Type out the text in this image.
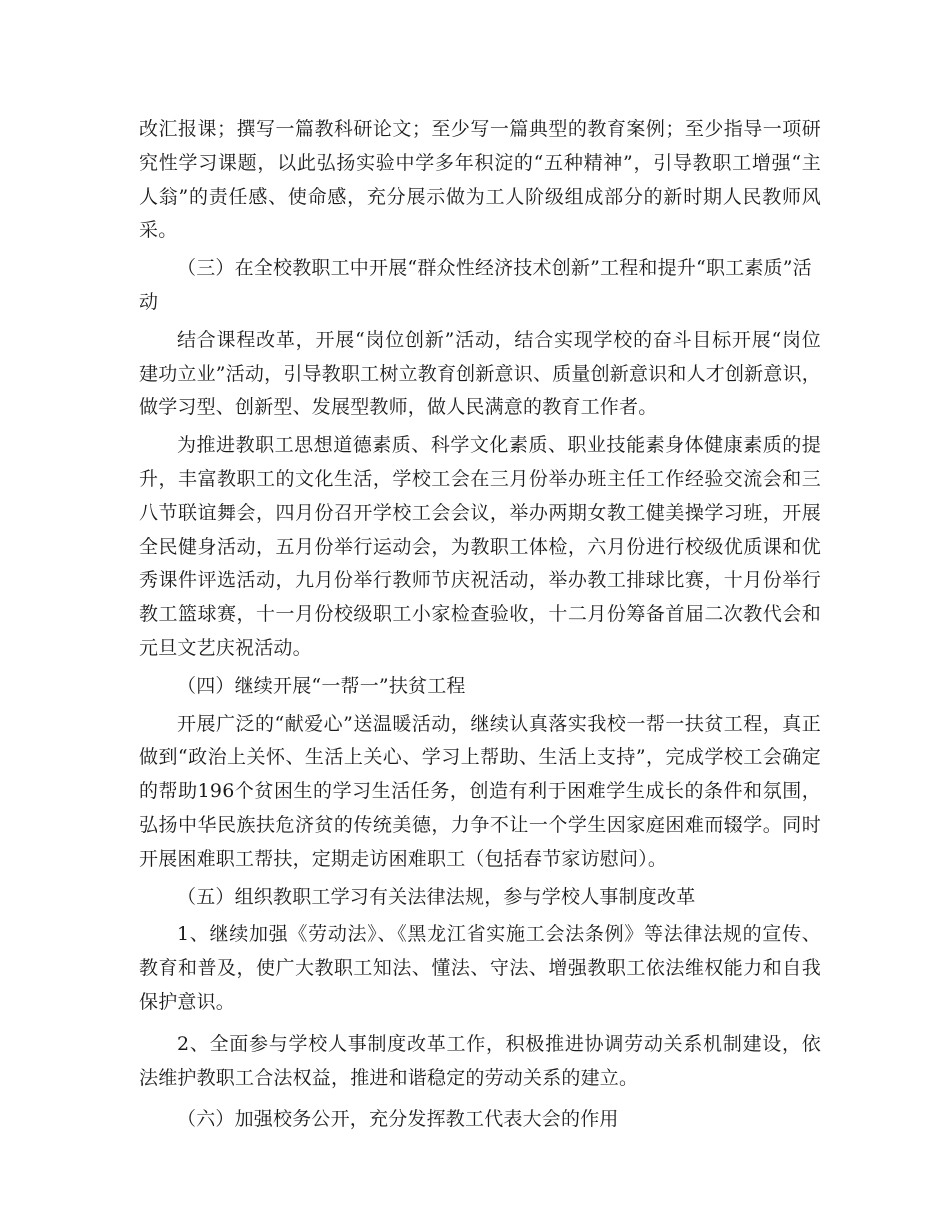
改汇报课；撰写一篇教科研论文；至少写一篇典型的教育案例；至少指导一项研究性学习课题，以此弘扬实验中学多年积淀的“五种精神”，引导教职工增强“主人翁”的责任感、使命感，充分展示做为工人阶级组成部分的新时期人民教师风采。

（三）在全校教职工中开展“群众性经济技术创新”工程和提升“职工素质”活动

结合课程改革，开展“岗位创新”活动，结合实现学校的奋斗目标开展“岗位建功立业”活动，引导教职工树立教育创新意识、质量创新意识和人才创新意识，做学习型、创新型、发展型教师，做人民满意的教育工作者。

为推进教职工思想道德素质、科学文化素质、职业技能素身体健康素质的提升，丰富教职工的文化生活，学校工会在三月份举办班主任工作经验交流会和三八节联谊舞会，四月份召开学校工会会议，举办两期女教工健美操学习班，开展全民健身活动，五月份举行运动会，为教职工体检，六月份进行校级优质课和优秀课件评选活动，九月份举行教师节庆祝活动，举办教工排球比赛，十月份举行教工篮球赛，十一月份校级职工小家检查验收，十二月份筹备首届二次教代会和元旦文艺庆祝活动。

（四）继续开展“一帮一”扶贫工程

开展广泛的“献爱心”送温暖活动，继续认真落实我校一帮一扶贫工程，真正做到“政治上关怀、生活上关心、学习上帮助、生活上支持”，完成学校工会确定的帮助196个贫困生的学习生活任务，创造有利于困难学生成长的条件和氛围，弘扬中华民族扶危济贫的传统美德，力争不让一个学生因家庭困难而辍学。同时开展困难职工帮扶，定期走访困难职工（包括春节家访慰问）。

（五）组织教职工学习有关法律法规，参与学校人事制度改革

1、继续加强《劳动法》、《黑龙江省实施工会法条例》等法律法规的宣传、教育和普及，使广大教职工知法、懂法、守法、增强教职工依法维权能力和自我保护意识。

2、全面参与学校人事制度改革工作，积极推进协调劳动关系机制建设，依法维护教职工合法权益，推进和谐稳定的劳动关系的建立。

（六）加强校务公开，充分发挥教工代表大会的作用
